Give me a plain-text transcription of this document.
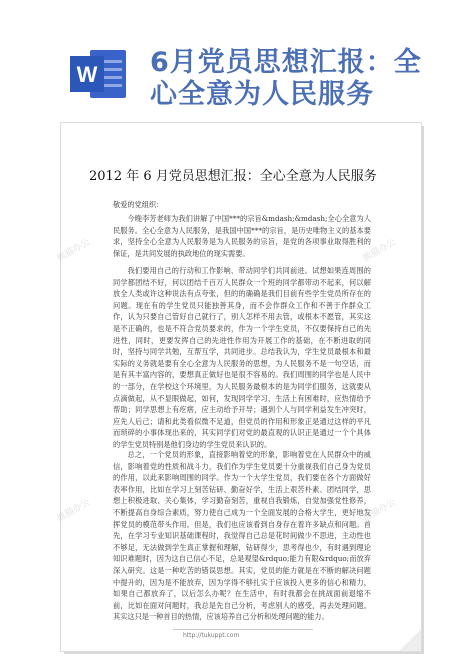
W 6月党员思想汇报：全
心全意为人民服务
2012 年 6 月党员思想汇报：全心全意为人民服务
敬爱的党组织：

今晚李芳老师为我们讲解了中国***的宗旨&mdash;&mdash;全心全意为人民服务。全心全意为人民服务，是我国中国***的宗旨，是历史唯物主义的基本要求，坚持全心全意为人民服务是为人民服务的宗旨，是党的各项事业取得胜利的保证，是共同发展的执政地位的现实需要。

我们要用自己的行动和工作影响、带动同学们共同前进。试想如果连周围的同学都团结不好，何以团结千百万人民群众一个班的同学都带动不起来，何以解放全人类或许这种说法有点夸张，但的的确确是我们目前有些学生党员所存在的问题。现在有的学生党员只能独善其身，而不会作群众工作和不善于作群众工作，认为只要自己管好自己就行了，别人怎样不用去管，或根本不愿管，其实这是不正确的，也是不符合党员要求的，作为一个学生党员，不仅要保持自己的先进性，同时，更要发挥自己的先进性作用为开展工作的基础，在不断进取的同时，坚持与同学共勉，互帮互学，共同进步。总结我认为，学生党员最根本和最实际的义务就是要有全心全意为人民服务的思想，为人民服务不是一句空话，而是有其丰富内容的，要想真正做好也是很不容易的。我们周围的同学也是人民中的一部分，在学校这个环境里，为人民服务最根本的是为同学们服务，这就要从点滴做起，从不显眼做起，如何，发现同学学习、生活上有困难时，应热情给予帮助；同学思想上有疙瘩，应主动给予开导；遇到个人与同学利益发生冲突时，应先人后己；请和此类看似微不足道，但党员的作用和形象正是通过这样的平凡而琐碎的小事体现出来的，其实同学们对党的最直观的认识正是通过一个个具体的学生党员特别是他们身边的学生党员来认识的。

总之，一个党员的形象，直接影响着党的形象，影响着党在人民群众中的威信，影响着党的性质和战斗力，我们作为学生党员要十分重视我们自己身为党员的作用，以此来影响周围的同学。作为一个大学生党员，我们要在各个方面做好表率作用，比如在学习上刻苦钻研、勤奋好学，生活上艰苦朴素、团结同学，思想上积极进取、关心集体，学习勤奋刻苦，重视自我锻炼，自觉加强党性修养，不断提高自身综合素质，努力使自己成为一个全面发展的合格大学生，更好地发挥党员的模范带头作用。但是，我们也应该看到自身存在着许多缺点和问题。首先，在学习专业知识基础课程时，我觉得自己总是花时间做少不思进，主动性也不够足，无法做到学生真正掌握和理解，钻研得少，思考得也少，有时遇到理论知识难题时，因为这自己信心不足，总是观望&rdquo;能力有限&rdquo;而放弃深入研究。这是一种吃苦的错误思想。其实，党员的能力就是在不断的解决问题中提升的，因为是不能放弃，因为学得不够扎实于应该投入更多的信心和精力，如果自己都放弃了，以后怎么办呢？在生活中，有时我都会在挑战面前退缩不前，比如在面对问题时，我总是先自己分析，考虑别人的感受，再去处理问题。其实这只是一种首目的热情，应该培养自己分析和处理问题的能力。

熊猫办公	熊猫办公
熊猫办公	熊猫办公
http://tukuppt.com
